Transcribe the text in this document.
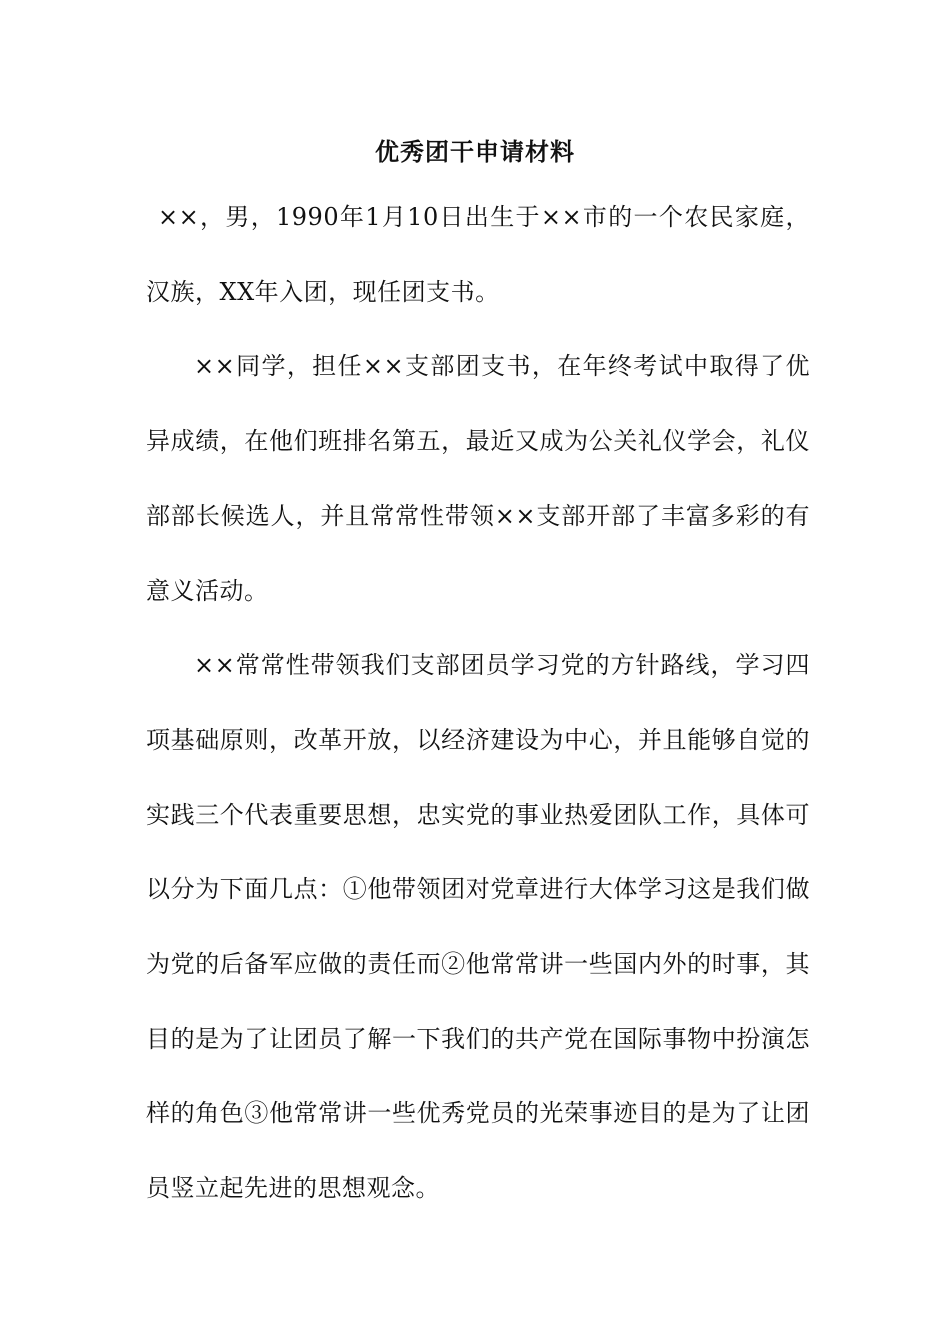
优秀团干申请材料

××，男，1990年1月10日出生于××市的一个农民家庭，汉族，XX年入团，现任团支书。

××同学，担任××支部团支书，在年终考试中取得了优异成绩，在他们班排名第五，最近又成为公关礼仪学会，礼仪部部长候选人，并且常常性带领××支部开部了丰富多彩的有意义活动。

××常常性带领我们支部团员学习党的方针路线，学习四项基础原则，改革开放，以经济建设为中心，并且能够自觉的实践三个代表重要思想，忠实党的事业热爱团队工作，具体可以分为下面几点：①他带领团对党章进行大体学习这是我们做为党的后备军应做的责任而②他常常讲一些国内外的时事，其目的是为了让团员了解一下我们的共产党在国际事物中扮演怎样的角色③他常常讲一些优秀党员的光荣事迹目的是为了让团员竖立起先进的思想观念。
